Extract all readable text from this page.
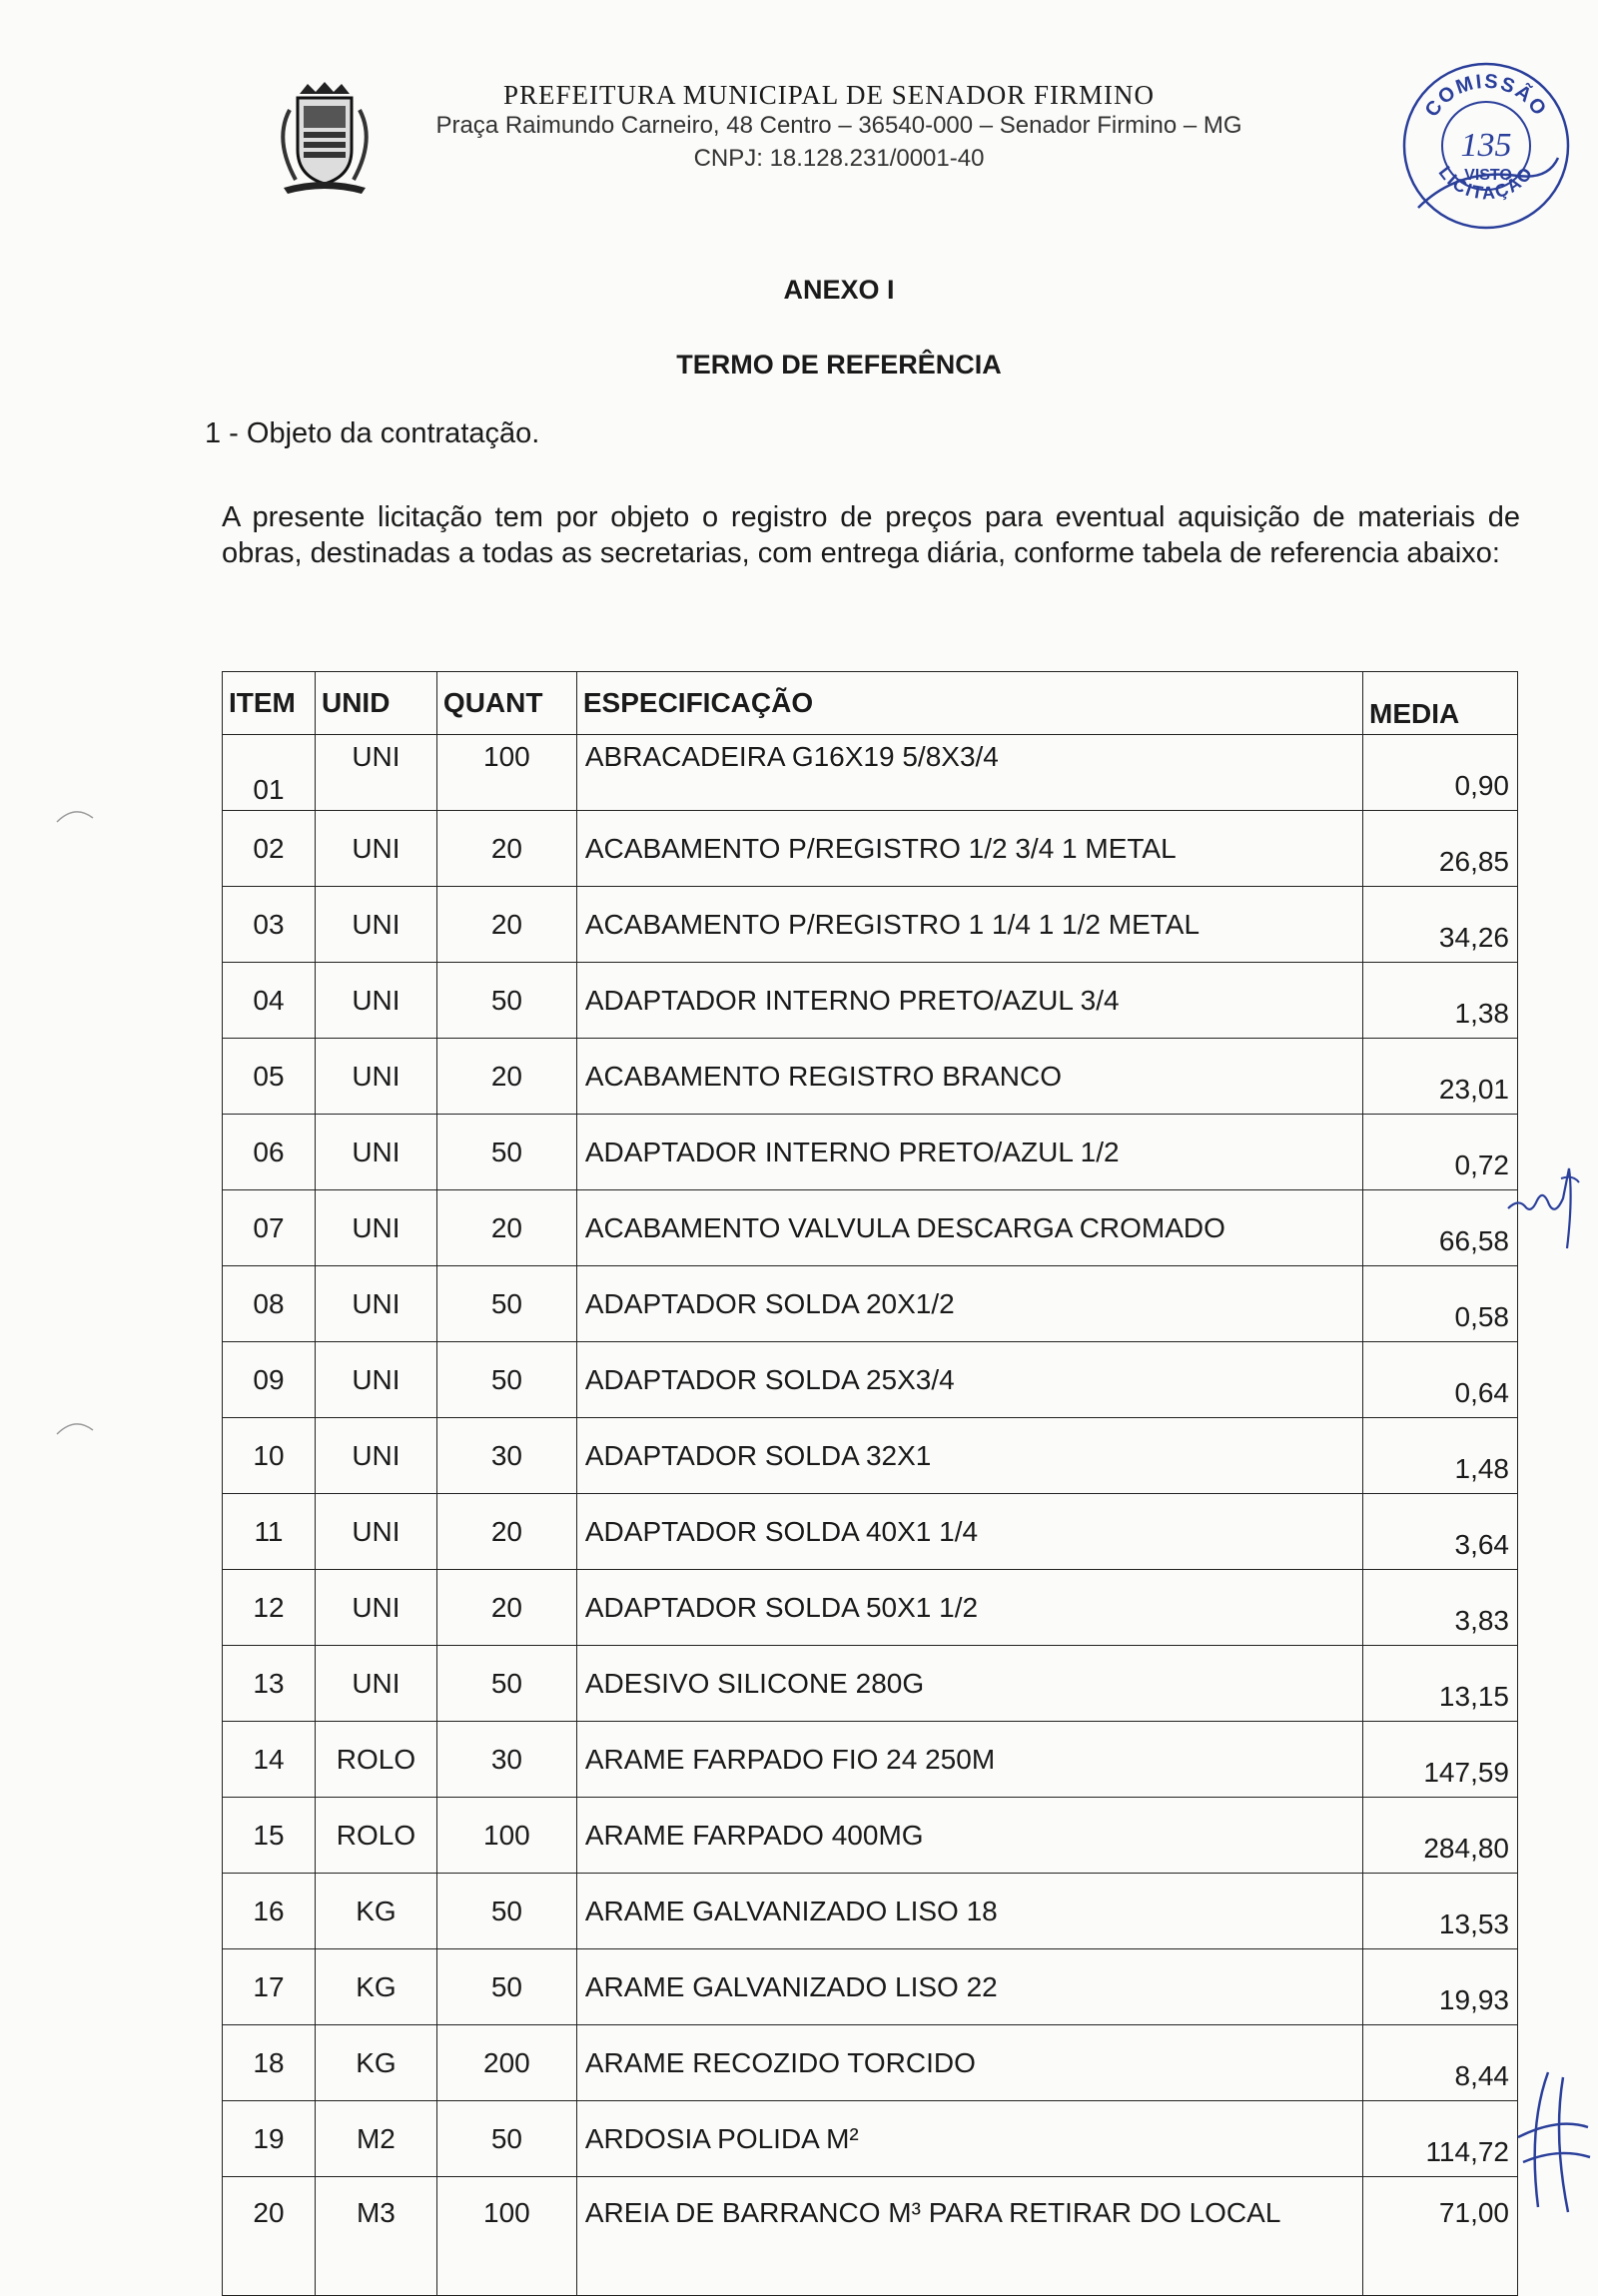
PREFEITURA MUNICIPAL DE SENADOR FIRMINO
Praça Raimundo Carneiro, 48 Centro – 36540-000 – Senador Firmino – MG
CNPJ: 18.128.231/0001-40
COMISSÃO
LICITAÇÃO
135
VISTO
ANEXO I
TERMO DE REFERÊNCIA
1 - Objeto da contratação.
A presente licitação tem por objeto o registro de preços para eventual aquisição de materiais de obras, destinadas a todas as secretarias, com entrega diária, conforme tabela de referencia abaixo:
ITEM	UNID	QUANT	ESPECIFICAÇÃO	MEDIA
01	UNI	100	ABRACADEIRA G16X19 5/8X3/4	0,90
02	UNI	20	ACABAMENTO P/REGISTRO 1/2 3/4 1 METAL	26,85
03	UNI	20	ACABAMENTO P/REGISTRO 1 1/4 1 1/2 METAL	34,26
04	UNI	50	ADAPTADOR INTERNO PRETO/AZUL 3/4	1,38
05	UNI	20	ACABAMENTO REGISTRO BRANCO	23,01
06	UNI	50	ADAPTADOR INTERNO PRETO/AZUL 1/2	0,72
07	UNI	20	ACABAMENTO VALVULA DESCARGA CROMADO	66,58
08	UNI	50	ADAPTADOR SOLDA 20X1/2	0,58
09	UNI	50	ADAPTADOR SOLDA 25X3/4	0,64
10	UNI	30	ADAPTADOR SOLDA 32X1	1,48
11	UNI	20	ADAPTADOR SOLDA 40X1 1/4	3,64
12	UNI	20	ADAPTADOR SOLDA 50X1 1/2	3,83
13	UNI	50	ADESIVO SILICONE 280G	13,15
14	ROLO	30	ARAME FARPADO FIO 24 250M	147,59
15	ROLO	100	ARAME FARPADO 400MG	284,80
16	KG	50	ARAME GALVANIZADO LISO 18	13,53
17	KG	50	ARAME GALVANIZADO LISO 22	19,93
18	KG	200	ARAME RECOZIDO TORCIDO	8,44
19	M2	50	ARDOSIA POLIDA M²	114,72
20	M3	100	AREIA DE BARRANCO M³ PARA RETIRAR DO LOCAL	71,00
